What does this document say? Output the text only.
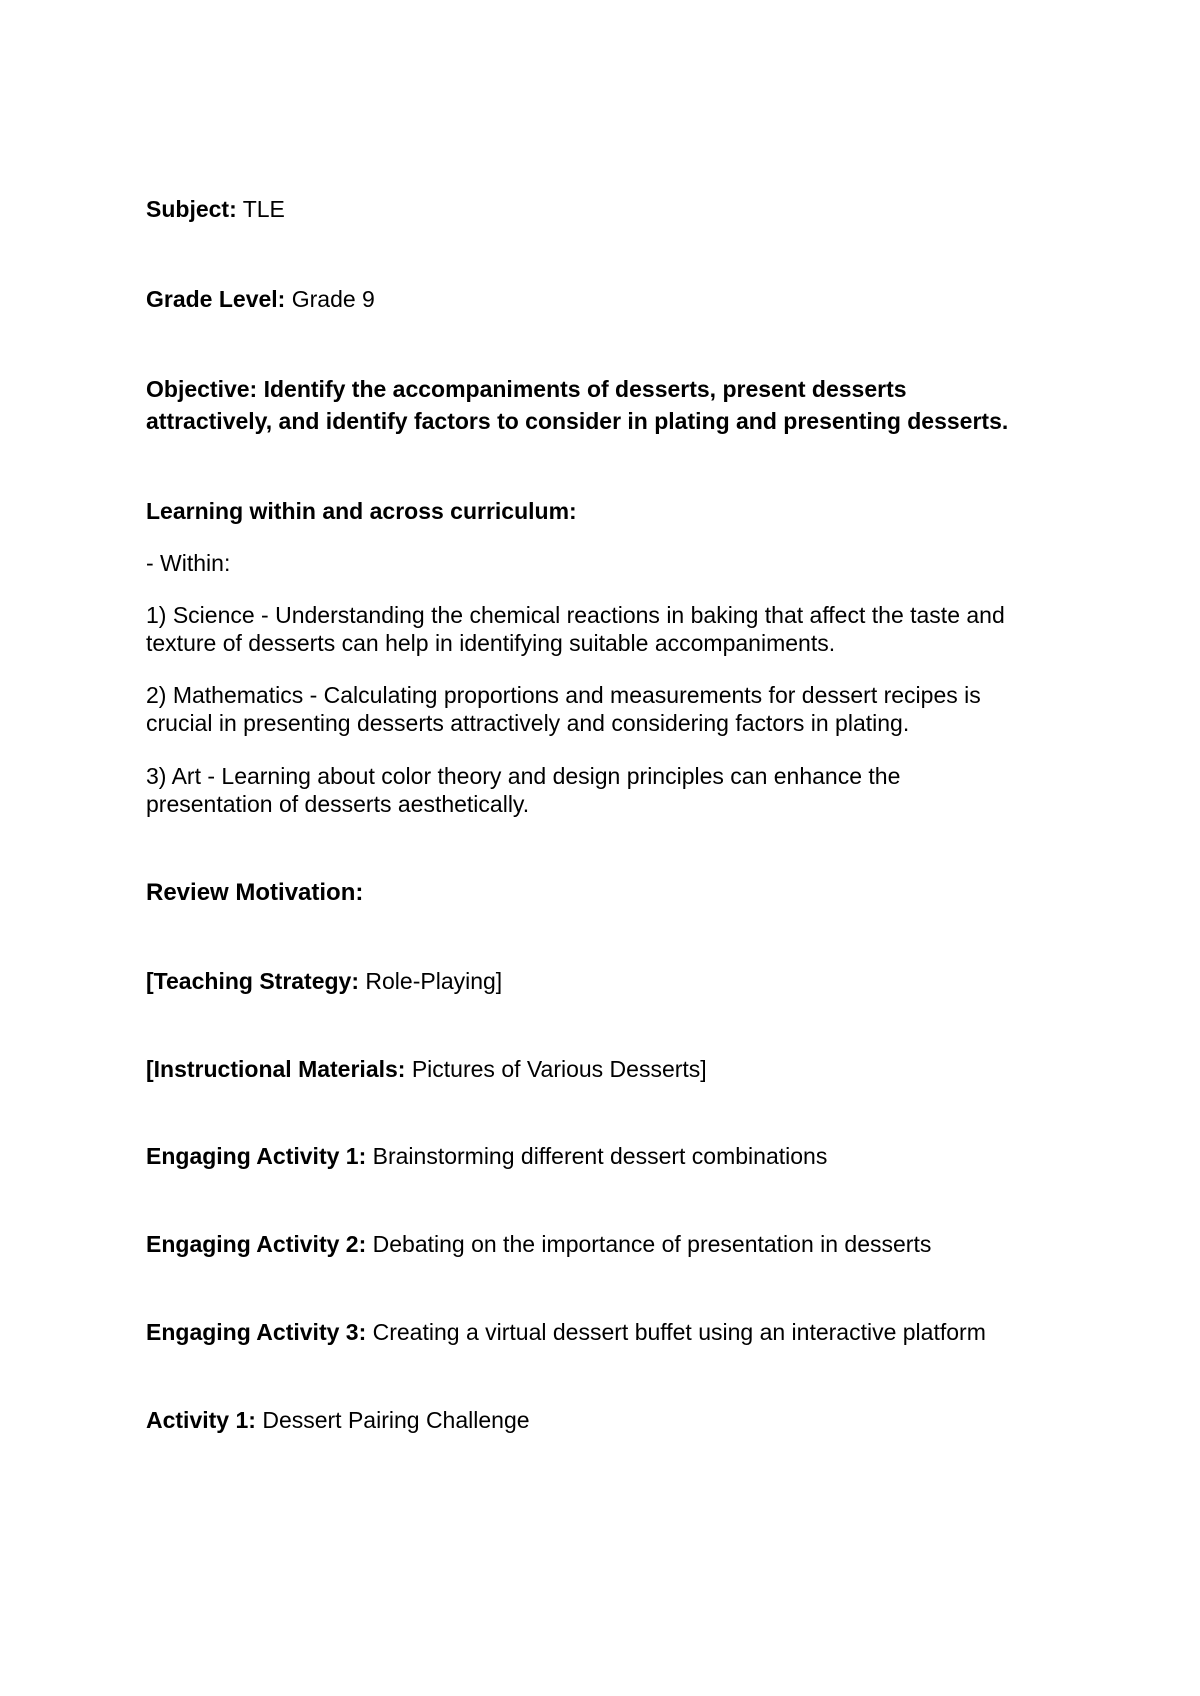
Subject: TLE

Grade Level: Grade 9

Objective: Identify the accompaniments of desserts, present desserts

attractively, and identify factors to consider in plating and presenting desserts.

Learning within and across curriculum:

- Within:

1) Science - Understanding the chemical reactions in baking that affect the taste and

texture of desserts can help in identifying suitable accompaniments.

2) Mathematics - Calculating proportions and measurements for dessert recipes is

crucial in presenting desserts attractively and considering factors in plating.

3) Art - Learning about color theory and design principles can enhance the

presentation of desserts aesthetically.

Review Motivation:

[Teaching Strategy: Role-Playing]

[Instructional Materials: Pictures of Various Desserts]

Engaging Activity 1: Brainstorming different dessert combinations

Engaging Activity 2: Debating on the importance of presentation in desserts

Engaging Activity 3: Creating a virtual dessert buffet using an interactive platform

Activity 1: Dessert Pairing Challenge
